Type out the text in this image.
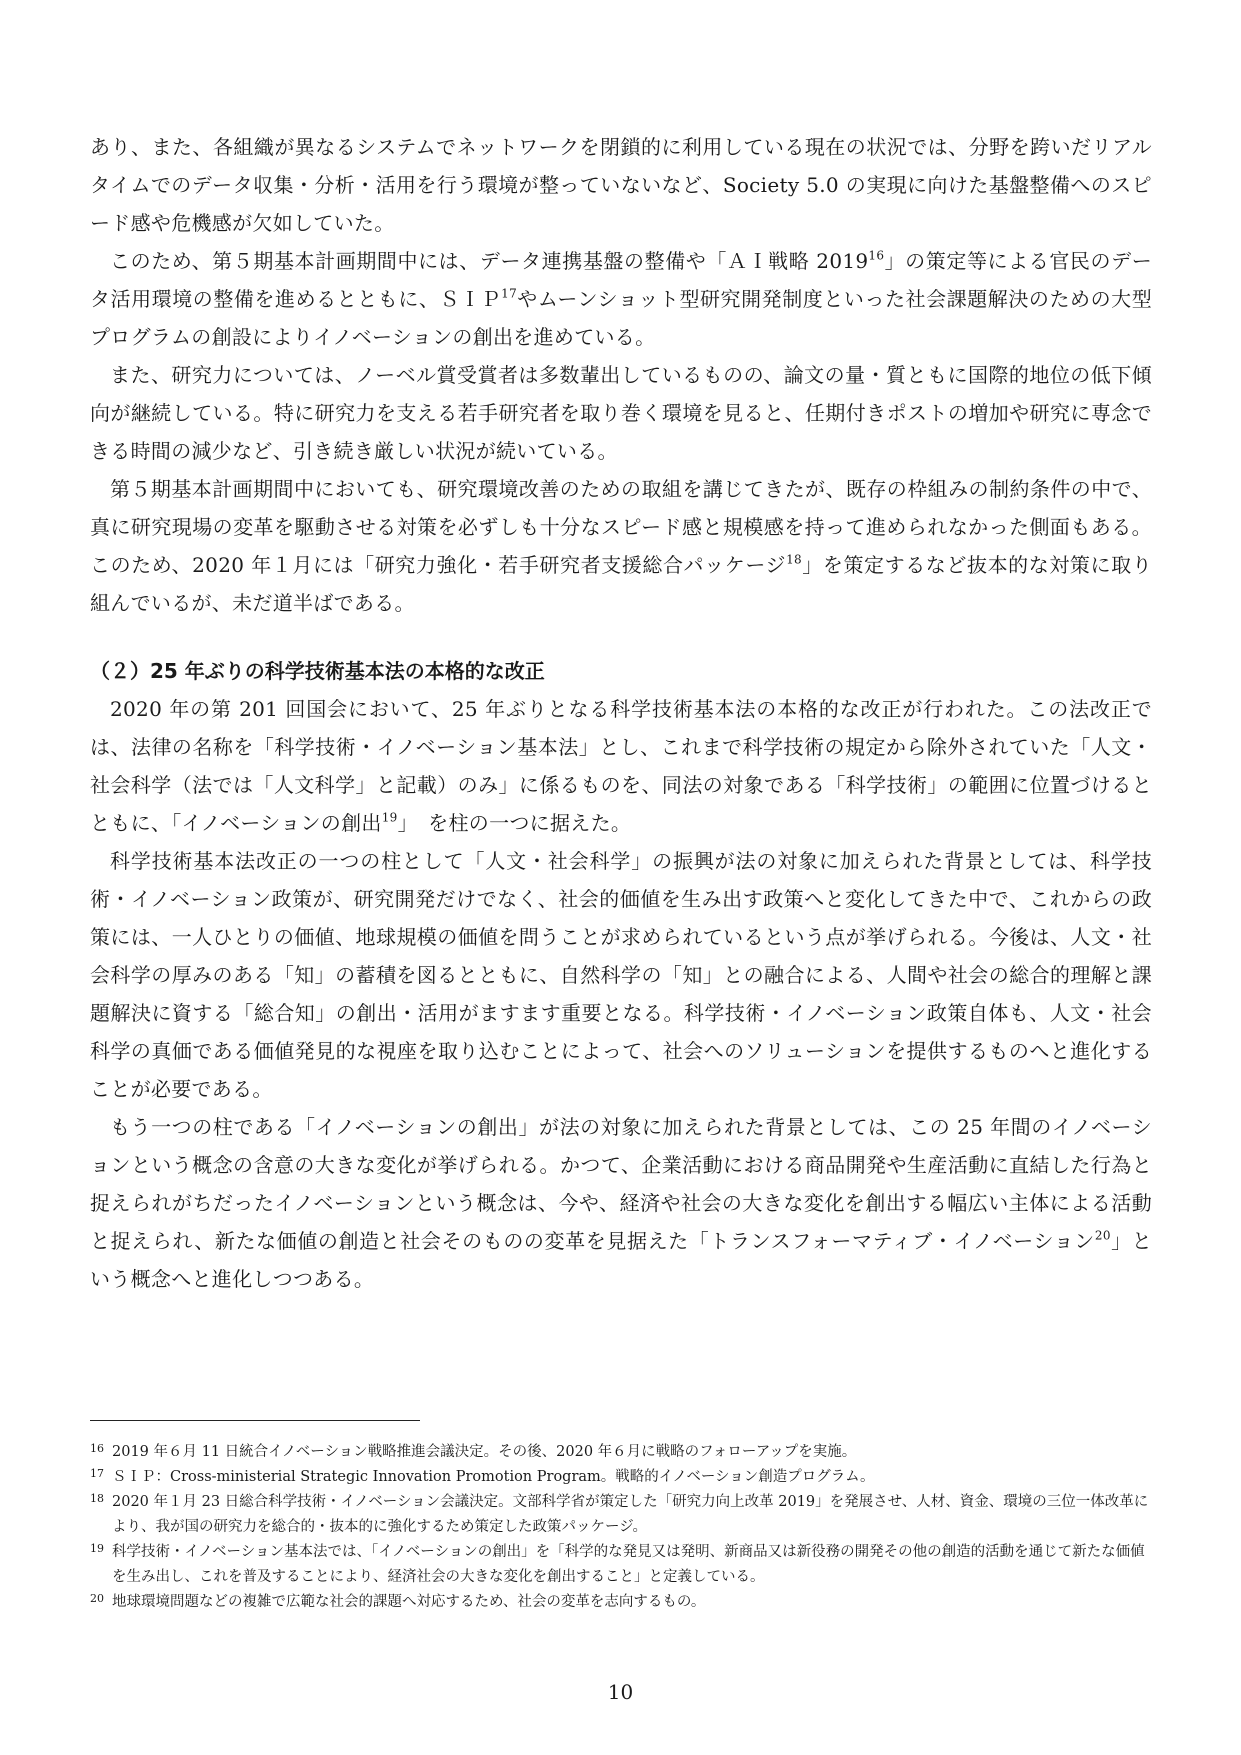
あり、また、各組織が異なるシステムでネットワークを閉鎖的に利用している現在の状況では、分野を跨いだリアルタイムでのデータ収集・分析・活用を行う環境が整っていないなど、Society 5.0 の実現に向けた基盤整備へのスピード感や危機感が欠如していた。

このため、第５期基本計画期間中には、データ連携基盤の整備や「ＡＩ戦略 2019$^{16}$」の策定等による官民のデータ活用環境の整備を進めるとともに、ＳＩＰ$^{17}$やムーンショット型研究開発制度といった社会課題解決のための大型プログラムの創設によりイノベーションの創出を進めている。

また、研究力については、ノーベル賞受賞者は多数輩出しているものの、論文の量・質ともに国際的地位の低下傾向が継続している。特に研究力を支える若手研究者を取り巻く環境を見ると、任期付きポストの増加や研究に専念できる時間の減少など、引き続き厳しい状況が続いている。

第５期基本計画期間中においても、研究環境改善のための取組を講じてきたが、既存の枠組みの制約条件の中で、真に研究現場の変革を駆動させる対策を必ずしも十分なスピード感と規模感を持って進められなかった側面もある。このため、2020 年１月には「研究力強化・若手研究者支援総合パッケージ$^{18}$」を策定するなど抜本的な対策に取り組んでいるが、未だ道半ばである。

（２）25 年ぶりの科学技術基本法の本格的な改正

2020 年の第 201 回国会において、25 年ぶりとなる科学技術基本法の本格的な改正が行われた。この法改正では、法律の名称を「科学技術・イノベーション基本法」とし、これまで科学技術の規定から除外されていた「人文・社会科学（法では「人文科学」と記載）のみ」に係るものを、同法の対象である「科学技術」の範囲に位置づけるとともに、「イノベーションの創出$^{19}$」　を柱の一つに据えた。

科学技術基本法改正の一つの柱として「人文・社会科学」の振興が法の対象に加えられた背景としては、科学技術・イノベーション政策が、研究開発だけでなく、社会的価値を生み出す政策へと変化してきた中で、これからの政策には、一人ひとりの価値、地球規模の価値を問うことが求められているという点が挙げられる。今後は、人文・社会科学の厚みのある「知」の蓄積を図るとともに、自然科学の「知」との融合による、人間や社会の総合的理解と課題解決に資する「総合知」の創出・活用がますます重要となる。科学技術・イノベーション政策自体も、人文・社会科学の真価である価値発見的な視座を取り込むことによって、社会へのソリューションを提供するものへと進化することが必要である。

もう一つの柱である「イノベーションの創出」が法の対象に加えられた背景としては、この 25 年間のイノベーションという概念の含意の大きな変化が挙げられる。かつて、企業活動における商品開発や生産活動に直結した行為と捉えられがちだったイノベーションという概念は、今や、経済や社会の大きな変化を創出する幅広い主体による活動と捉えられ、新たな価値の創造と社会そのものの変革を見据えた「トランスフォーマティブ・イノベーション$^{20}$」という概念へと進化しつつある。

16 2019 年６月 11 日統合イノベーション戦略推進会議決定。その後、2020 年６月に戦略のフォローアップを実施。

17 ＳＩＰ：Cross-ministerial Strategic Innovation Promotion Program。戦略的イノベーション創造プログラム。

18 2020 年１月 23 日総合科学技術・イノベーション会議決定。文部科学省が策定した「研究力向上改革 2019」を発展させ、人材、資金、環境の三位一体改革により、我が国の研究力を総合的・抜本的に強化するため策定した政策パッケージ。

19 科学技術・イノベーション基本法では、「イノベーションの創出」を「科学的な発見又は発明、新商品又は新役務の開発その他の創造的活動を通じて新たな価値を生み出し、これを普及することにより、経済社会の大きな変化を創出すること」と定義している。

20 地球環境問題などの複雑で広範な社会的課題へ対応するため、社会の変革を志向するもの。

10
